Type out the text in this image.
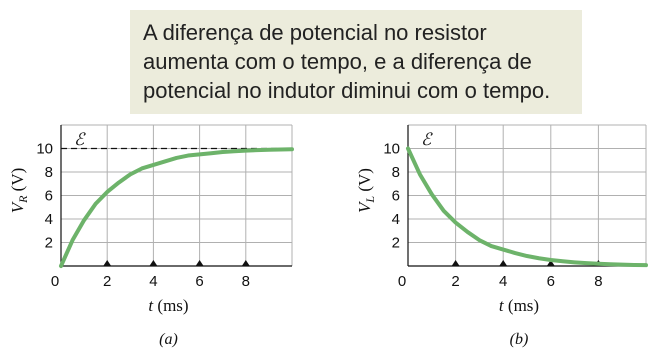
A diferença de potencial no resistor
aumenta com o tempo, e a diferença de
potencial no indutor diminui com o tempo.
ℰ
2
4
6
8
10
0	2	4	6	8
t (ms)
$V_R$ (V)
(a)
ℰ
2
4
6
8
10
0	2	4	6	8
t (ms)
$V_L$ (V)
(b)
